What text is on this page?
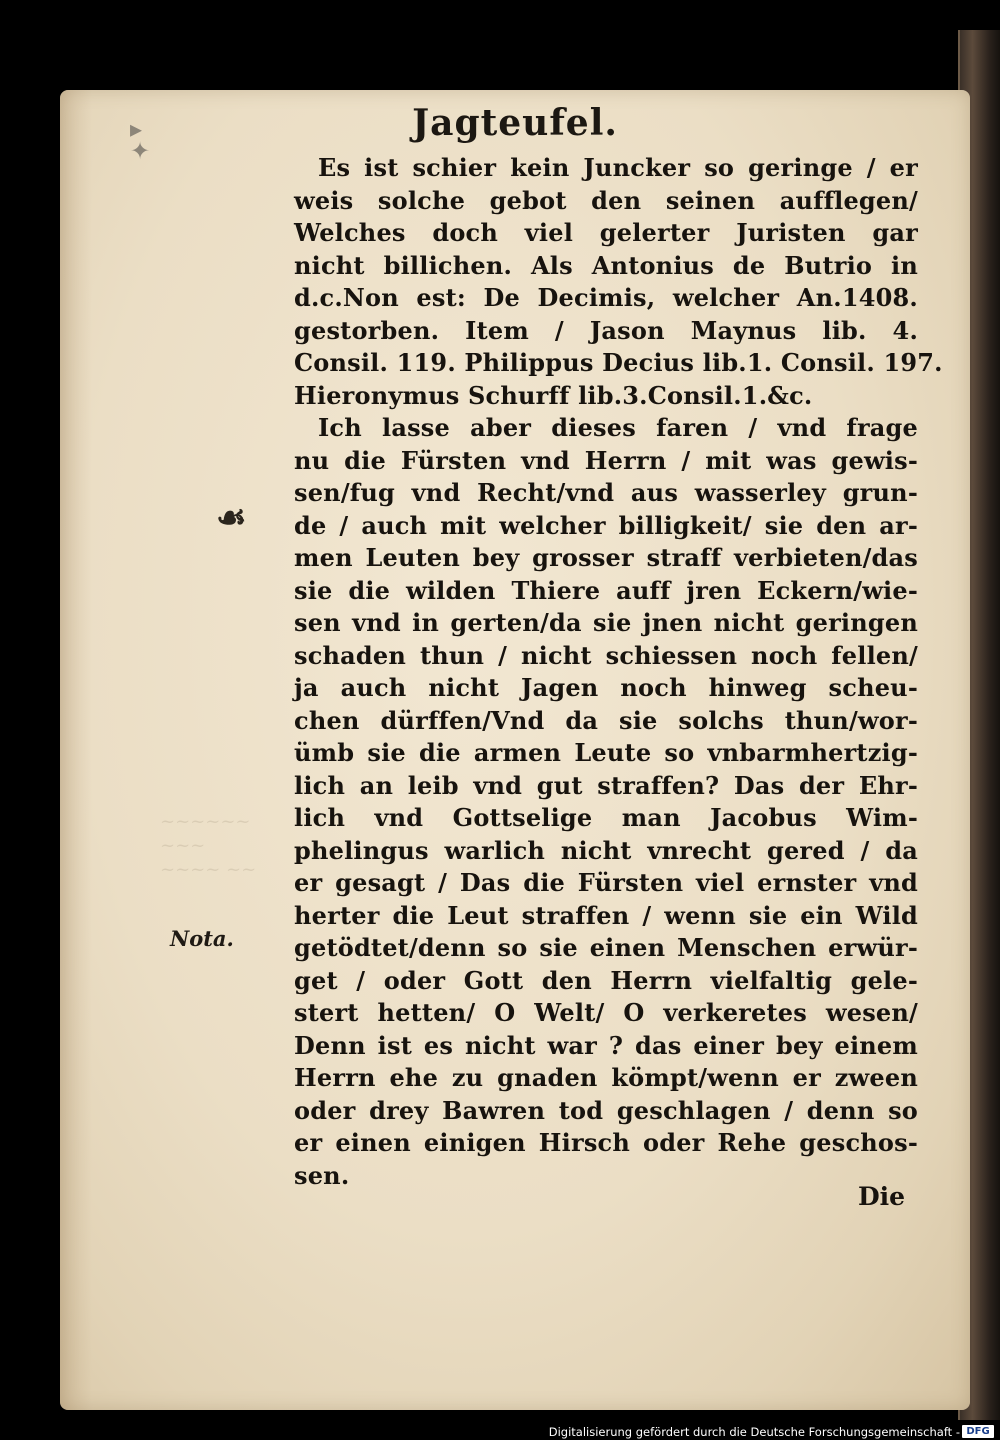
▸ ✦
Jagteufel.
~~~~~~ ~~~
~~~~ ~~
☙
Nota.
Es ist schier kein Juncker so geringe / er
weis solche gebot den seinen aufflegen/
Welches doch viel gelerter Juristen gar
nicht billichen. Als Antonius de Butrio in
d.c.Non est: De Decimis, welcher An.1408.
gestorben. Item / Jason Maynus lib. 4.
Consil. 119. Philippus Decius lib.1. Consil. 197.
Hieronymus Schurff lib.3.Consil.1.&c.
Ich lasse aber dieses faren / vnd frage
nu die Fürsten vnd Herrn / mit was gewis-
sen/fug vnd Recht/vnd aus wasserley grun-
de / auch mit welcher billigkeit/ sie den ar-
men Leuten bey grosser straff verbieten/das
sie die wilden Thiere auff jren Eckern/wie-
sen vnd in gerten/da sie jnen nicht geringen
schaden thun / nicht schiessen noch fellen/
ja auch nicht Jagen noch hinweg scheu-
chen dürffen/Vnd da sie solchs thun/wor-
ümb sie die armen Leute so vnbarmhertzig-
lich an leib vnd gut straffen? Das der Ehr-
lich vnd Gottselige man Jacobus Wim-
phelingus warlich nicht vnrecht gered / da
er gesagt / Das die Fürsten viel ernster vnd
herter die Leut straffen / wenn sie ein Wild
getödtet/denn so sie einen Menschen erwür-
get / oder Gott den Herrn vielfaltig gele-
stert hetten/ O Welt/ O verkeretes wesen/
Denn ist es nicht war ? das einer bey einem
Herrn ehe zu gnaden kömpt/wenn er zween
oder drey Bawren tod geschlagen / denn so
er einen einigen Hirsch oder Rehe geschos-
sen.
Die
Digitalisierung gefördert durch die Deutsche Forschungsgemeinschaft - DFG
